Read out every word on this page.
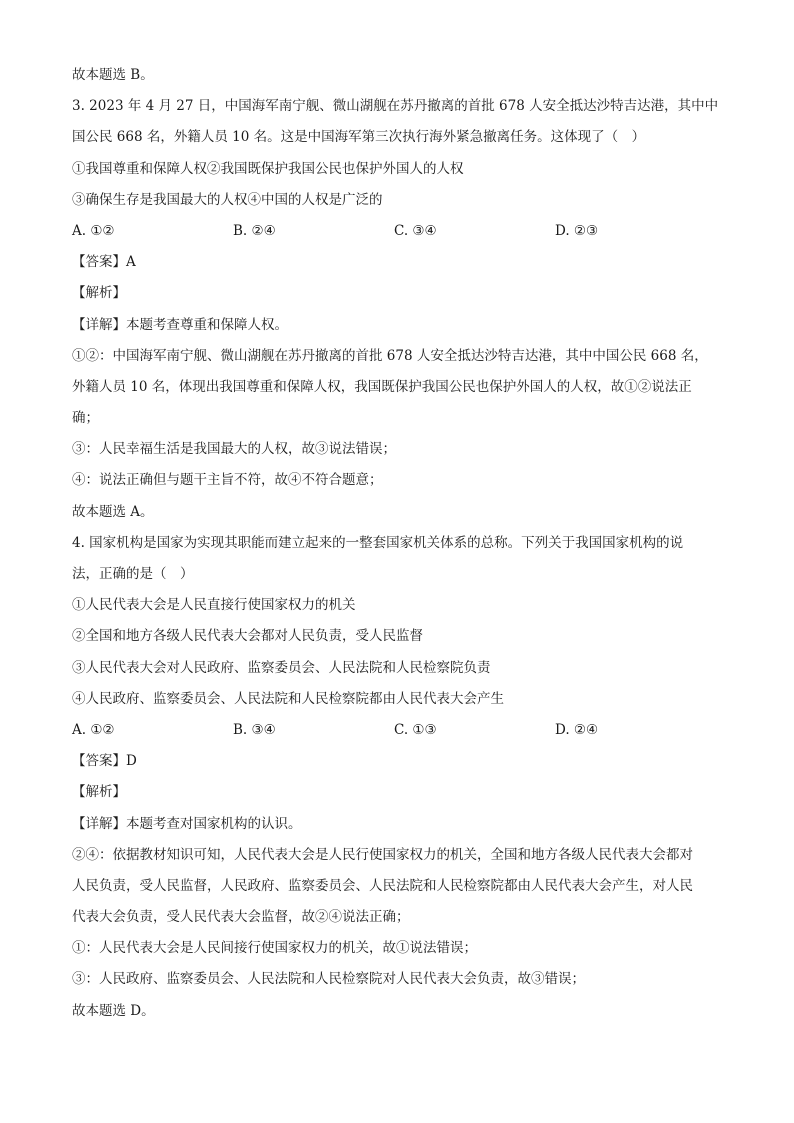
故本题选 B。
3. 2023 年 4 月 27 日，中国海军南宁舰、微山湖舰在苏丹撤离的首批 678 人安全抵达沙特吉达港，其中中
国公民 668 名，外籍人员 10 名。这是中国海军第三次执行海外紧急撤离任务。这体现了（　）
①我国尊重和保障人权②我国既保护我国公民也保护外国人的人权
③确保生存是我国最大的人权④中国的人权是广泛的
A. ①②	B. ②④	C. ③④	D. ②③
【答案】A
【解析】
【详解】本题考查尊重和保障人权。
①②：中国海军南宁舰、微山湖舰在苏丹撤离的首批 678 人安全抵达沙特吉达港，其中中国公民 668 名，
外籍人员 10 名，体现出我国尊重和保障人权，我国既保护我国公民也保护外国人的人权，故①②说法正
确；
③：人民幸福生活是我国最大的人权，故③说法错误；
④：说法正确但与题干主旨不符，故④不符合题意；
故本题选 A。
4. 国家机构是国家为实现其职能而建立起来的一整套国家机关体系的总称。下列关于我国国家机构的说
法，正确的是（　）
①人民代表大会是人民直接行使国家权力的机关
②全国和地方各级人民代表大会都对人民负责，受人民监督
③人民代表大会对人民政府、监察委员会、人民法院和人民检察院负责
④人民政府、监察委员会、人民法院和人民检察院都由人民代表大会产生
A. ①②	B. ③④	C. ①③	D. ②④
【答案】D
【解析】
【详解】本题考查对国家机构的认识。
②④：依据教材知识可知，人民代表大会是人民行使国家权力的机关，全国和地方各级人民代表大会都对
人民负责，受人民监督，人民政府、监察委员会、人民法院和人民检察院都由人民代表大会产生，对人民
代表大会负责，受人民代表大会监督，故②④说法正确；
①：人民代表大会是人民间接行使国家权力的机关，故①说法错误；
③：人民政府、监察委员会、人民法院和人民检察院对人民代表大会负责，故③错误；
故本题选 D。
